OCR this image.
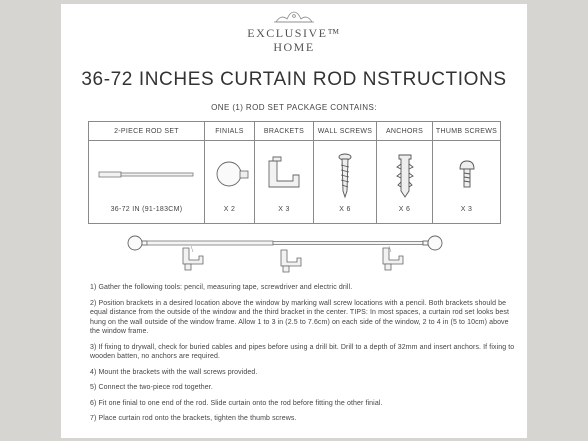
EXCLUSIVE™
HOME
36-72 INCHES CURTAIN ROD NSTRUCTIONS
ONE (1) ROD SET PACKAGE CONTAINS:
2-PIECE ROD SET	FINIALS	BRACKETS	WALL SCREWS	ANCHORS	THUMB SCREWS

36-72 IN (91-183CM)	X 2	X 3	X 6	X 6	X 3
1) Gather the following tools: pencil, measuring tape, screwdriver and electric drill.
2) Position brackets in a desired location above the window by marking wall screw locations with a pencil. Both brackets should be equal distance from the outside of the window and the third bracket in the center. TIPS: In most spaces, a curtain rod set looks best hung on the wall outside of the window frame. Allow 1 to 3 in (2.5 to 7.6cm) on each side of the window, 2 to 4 in (5 to 10cm) above the window frame.
3) If fixing to drywall, check for buried cables and pipes before using a drill bit. Drill to a depth of 32mm and insert anchors. If fixing to wooden batten, no anchors are required.
4) Mount the brackets with the wall screws provided.
5) Connect the two-piece rod together.
6) Fit one finial to one end of the rod. Slide curtain onto the rod before fitting the other finial.
7) Place curtain rod onto the brackets, tighten the thumb screws.
